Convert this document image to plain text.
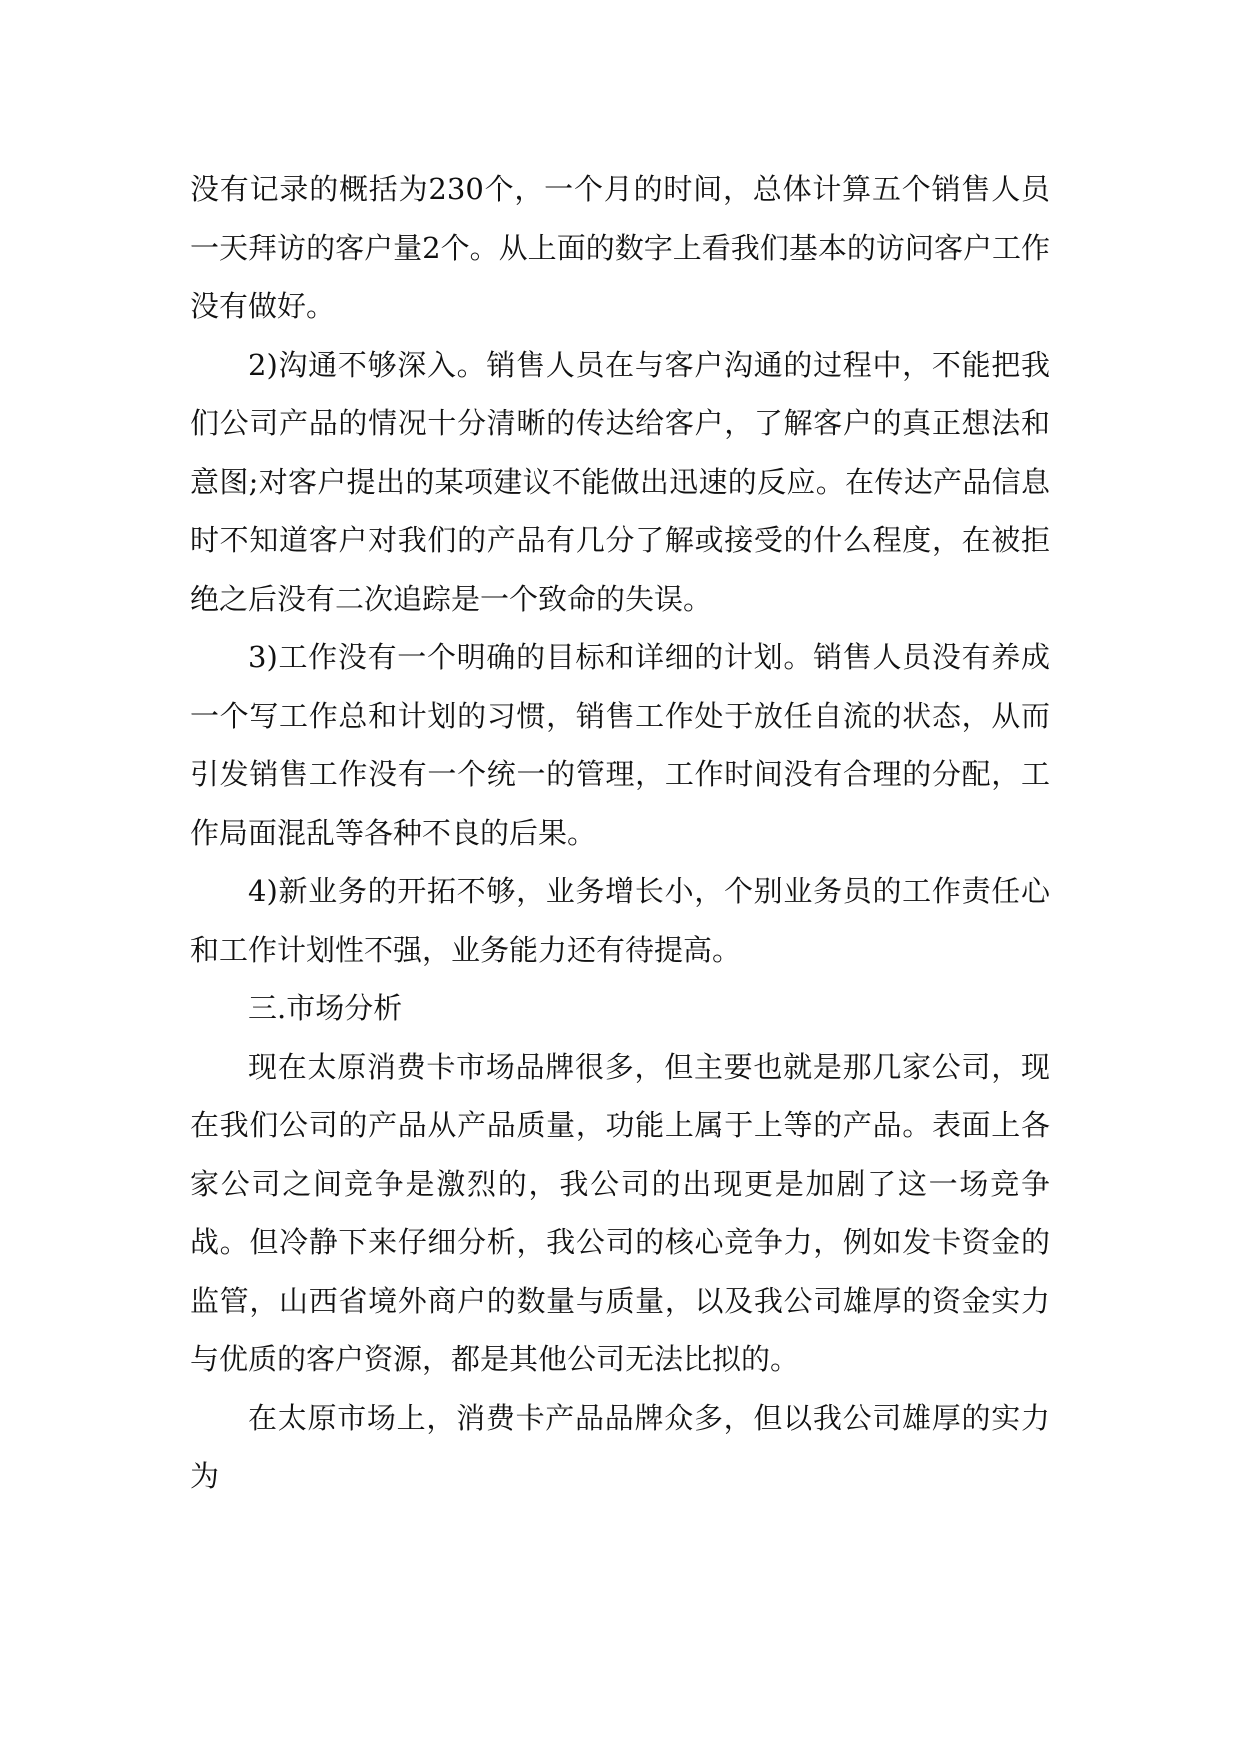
没有记录的概括为230个，一个月的时间，总体计算五个销售人员一天拜访的客户量2个。从上面的数字上看我们基本的访问客户工作没有做好。

2)沟通不够深入。销售人员在与客户沟通的过程中，不能把我们公司产品的情况十分清晰的传达给客户，了解客户的真正想法和意图;对客户提出的某项建议不能做出迅速的反应。在传达产品信息时不知道客户对我们的产品有几分了解或接受的什么程度，在被拒绝之后没有二次追踪是一个致命的失误。

3)工作没有一个明确的目标和详细的计划。销售人员没有养成一个写工作总和计划的习惯，销售工作处于放任自流的状态，从而引发销售工作没有一个统一的管理，工作时间没有合理的分配，工作局面混乱等各种不良的后果。

4)新业务的开拓不够，业务增长小，个别业务员的工作责任心和工作计划性不强，业务能力还有待提高。

三.市场分析

现在太原消费卡市场品牌很多，但主要也就是那几家公司，现在我们公司的产品从产品质量，功能上属于上等的产品。表面上各家公司之间竞争是激烈的，我公司的出现更是加剧了这一场竞争战。但冷静下来仔细分析，我公司的核心竞争力，例如发卡资金的监管，山西省境外商户的数量与质量，以及我公司雄厚的资金实力与优质的客户资源，都是其他公司无法比拟的。

在太原市场上，消费卡产品品牌众多，但以我公司雄厚的实力为
